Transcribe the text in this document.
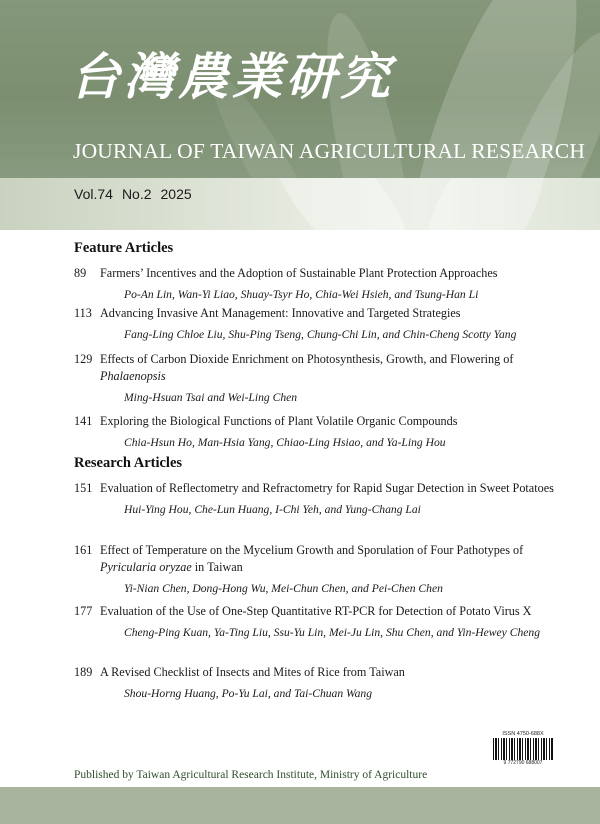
台灣農業研究
JOURNAL OF TAIWAN AGRICULTURAL RESEARCH
Vol.74 No.2 2025
Feature Articles
89 Farmers’ Incentives and the Adoption of Sustainable Plant Protection Approaches
Po-An Lin, Wan-Yi Liao, Shuay-Tsyr Ho, Chia-Wei Hsieh, and Tsung-Han Li
113 Advancing Invasive Ant Management: Innovative and Targeted Strategies
Fang-Ling Chloe Liu, Shu-Ping Tseng, Chung-Chi Lin, and Chin-Cheng Scotty Yang
129 Effects of Carbon Dioxide Enrichment on Photosynthesis, Growth, and Flowering of Phalaenopsis
Ming-Hsuan Tsai and Wei-Ling Chen
141 Exploring the Biological Functions of Plant Volatile Organic Compounds
Chia-Hsun Ho, Man-Hsia Yang, Chiao-Ling Hsiao, and Ya-Ling Hou
Research Articles
151 Evaluation of Reflectometry and Refractometry for Rapid Sugar Detection in Sweet Potatoes
Hui-Ying Hou, Che-Lun Huang, I-Chi Yeh, and Yung-Chang Lai
161 Effect of Temperature on the Mycelium Growth and Sporulation of Four Pathotypes of Pyricularia oryzae in Taiwan
Yi-Nian Chen, Dong-Hong Wu, Mei-Chun Chen, and Pei-Chen Chen
177 Evaluation of the Use of One-Step Quantitative RT-PCR for Detection of Potato Virus X
Cheng-Ping Kuan, Ya-Ting Liu, Ssu-Yu Lin, Mei-Ju Lin, Shu Chen, and Yin-Hewey Cheng
189 A Revised Checklist of Insects and Mites of Rice from Taiwan
Shou-Horng Huang, Po-Yu Lai, and Tai-Chuan Wang
ISSN 4750-688X
9 772790 688007
Published by Taiwan Agricultural Research Institute, Ministry of Agriculture
